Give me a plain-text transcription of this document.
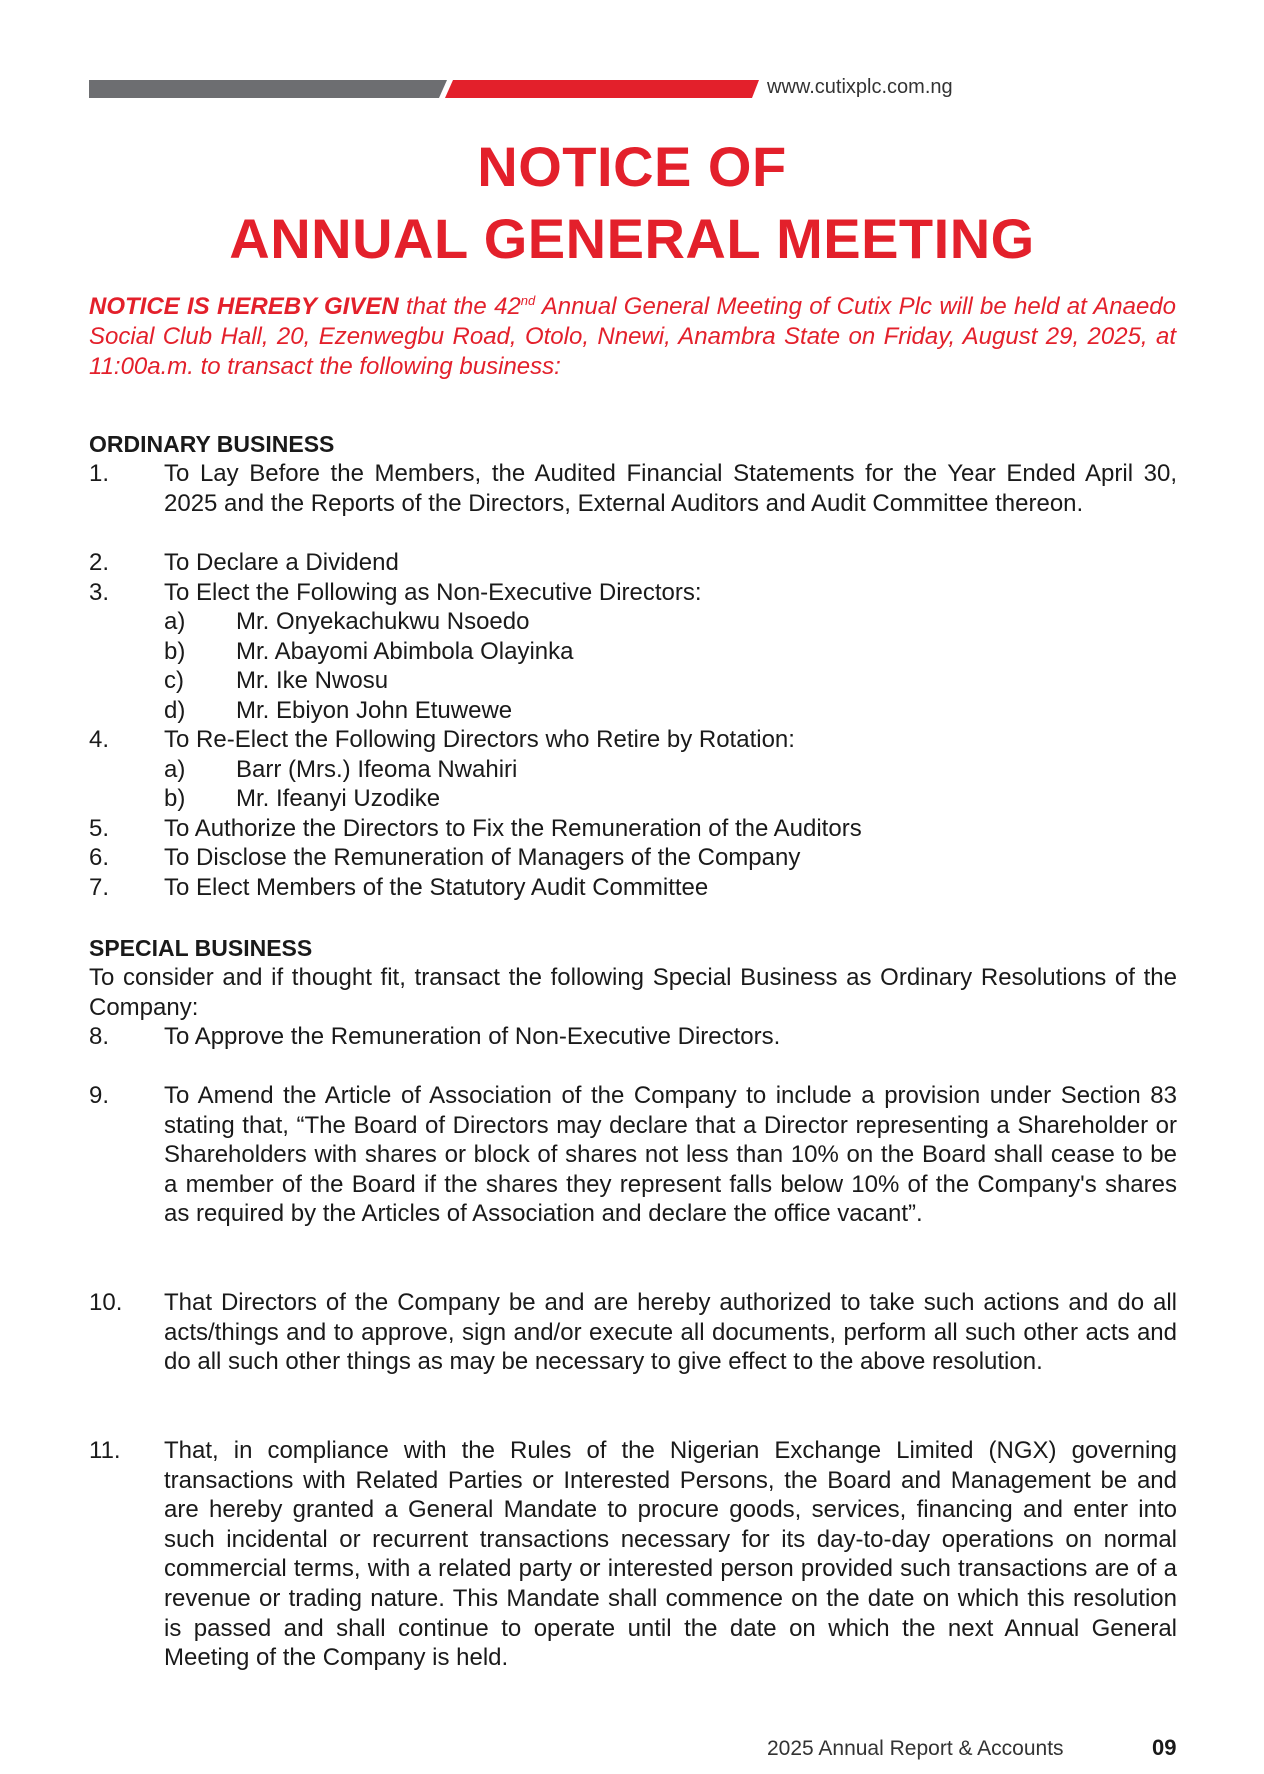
www.cutixplc.com.ng
NOTICE OF
ANNUAL GENERAL MEETING
NOTICE IS HEREBY GIVEN that the 42nd Annual General Meeting of Cutix Plc will be held at Anaedo Social Club Hall, 20, Ezenwegbu Road, Otolo, Nnewi, Anambra State on Friday, August 29, 2025, at 11:00a.m. to transact the following business:
ORDINARY BUSINESS
1. To Lay Before the Members, the Audited Financial Statements for the Year Ended April 30, 2025 and the Reports of the Directors, External Auditors and Audit Committee thereon.
2. To Declare a Dividend
3. To Elect the Following as Non-Executive Directors:
a) Mr. Onyekachukwu Nsoedo
b) Mr. Abayomi Abimbola Olayinka
c) Mr. Ike Nwosu
d) Mr. Ebiyon John Etuwewe
4. To Re-Elect the Following Directors who Retire by Rotation:
a) Barr (Mrs.) Ifeoma Nwahiri
b) Mr. Ifeanyi Uzodike
5. To Authorize the Directors to Fix the Remuneration of the Auditors
6. To Disclose the Remuneration of Managers of the Company
7. To Elect Members of the Statutory Audit Committee
SPECIAL BUSINESS
To consider and if thought fit, transact the following Special Business as Ordinary Resolutions of the Company:
8. To Approve the Remuneration of Non-Executive Directors.
9. To Amend the Article of Association of the Company to include a provision under Section 83 stating that, “The Board of Directors may declare that a Director representing a Shareholder or Shareholders with shares or block of shares not less than 10% on the Board shall cease to be a member of the Board if the shares they represent falls below 10% of the Company's shares as required by the Articles of Association and declare the office vacant”.
10. That Directors of the Company be and are hereby authorized to take such actions and do all acts/things and to approve, sign and/or execute all documents, perform all such other acts and do all such other things as may be necessary to give effect to the above resolution.
11. That, in compliance with the Rules of the Nigerian Exchange Limited (NGX) governing transactions with Related Parties or Interested Persons, the Board and Management be and are hereby granted a General Mandate to procure goods, services, financing and enter into such incidental or recurrent transactions necessary for its day-to-day operations on normal commercial terms, with a related party or interested person provided such transactions are of a revenue or trading nature. This Mandate shall commence on the date on which this resolution is passed and shall continue to operate until the date on which the next Annual General Meeting of the Company is held.
2025 Annual Report & Accounts	09
